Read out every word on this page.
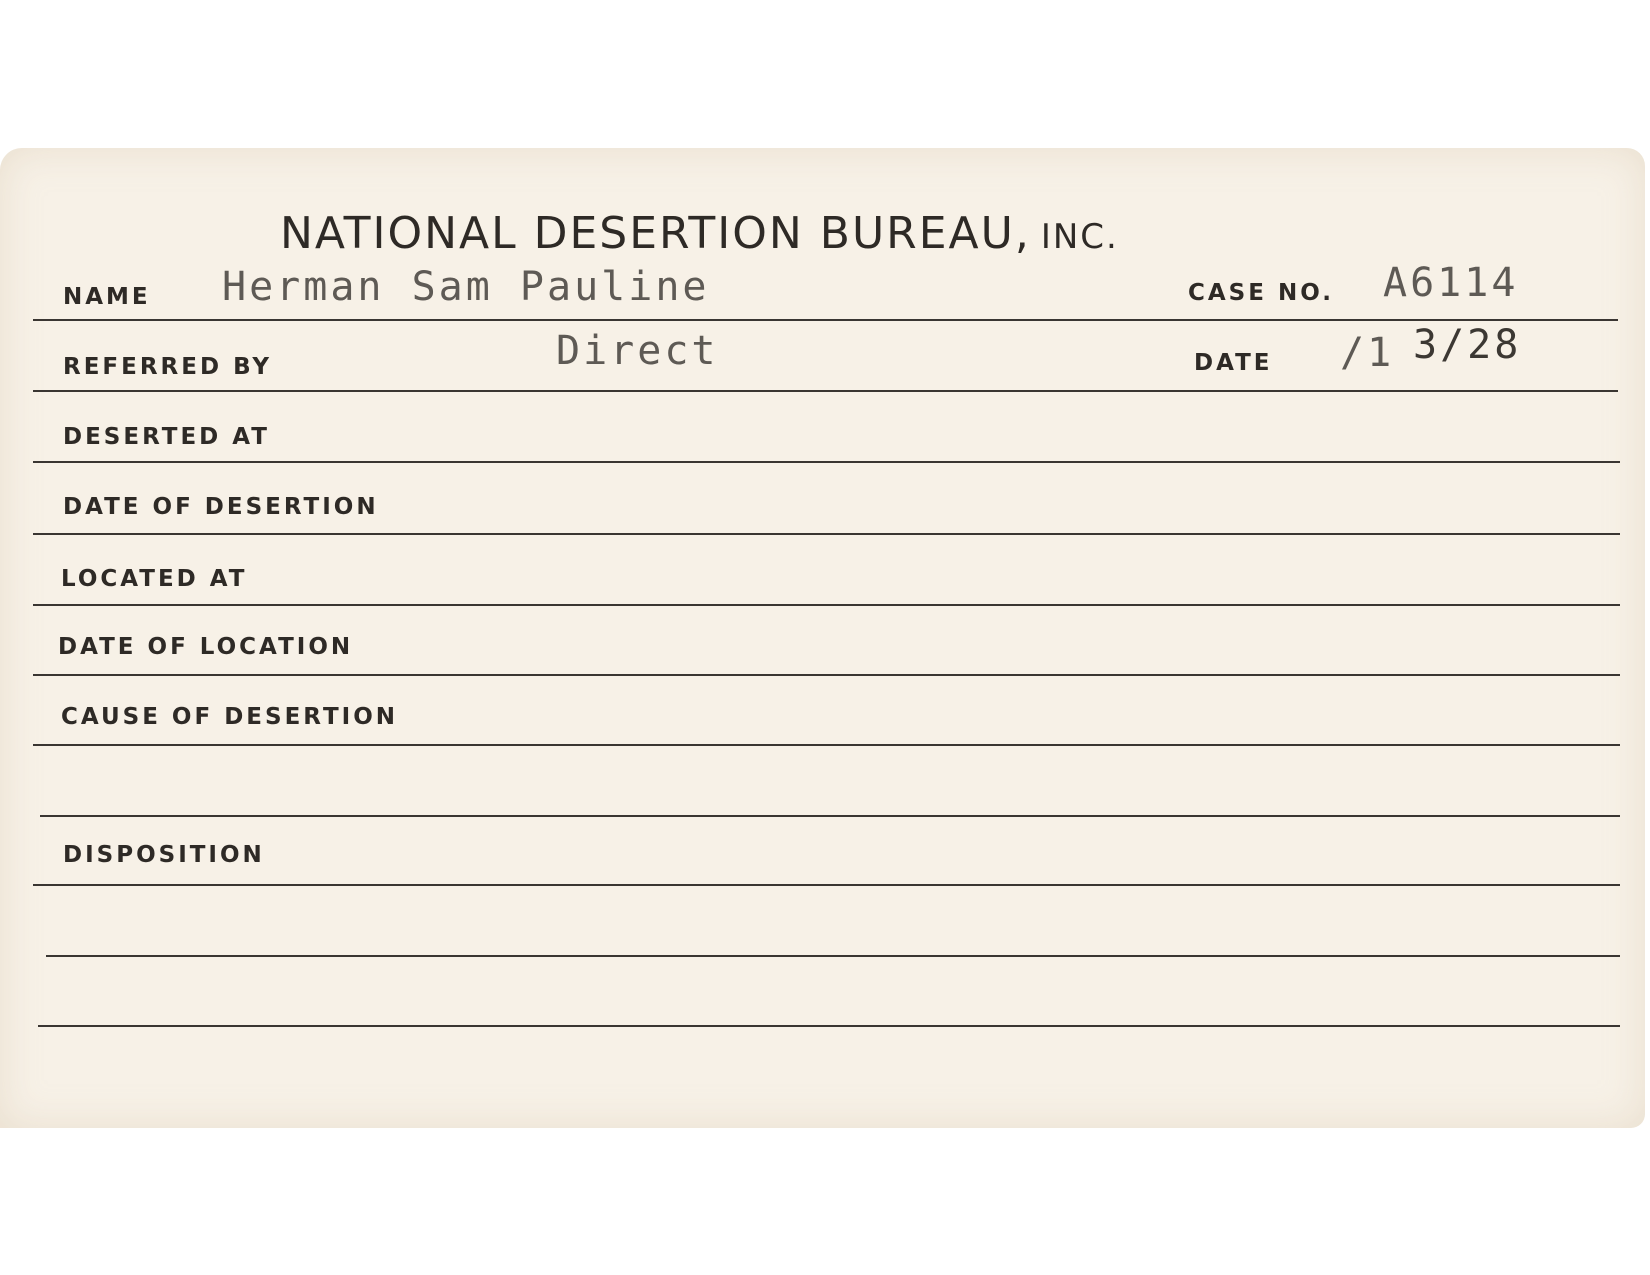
NATIONAL DESERTION BUREAU, INC.
NAME Herman Sam Pauline	CASE NO. A6114
REFERRED BY	Direct	DATE /1 3/28
DESERTED AT
DATE OF DESERTION
LOCATED AT
DATE OF LOCATION
CAUSE OF DESERTION
DISPOSITION
